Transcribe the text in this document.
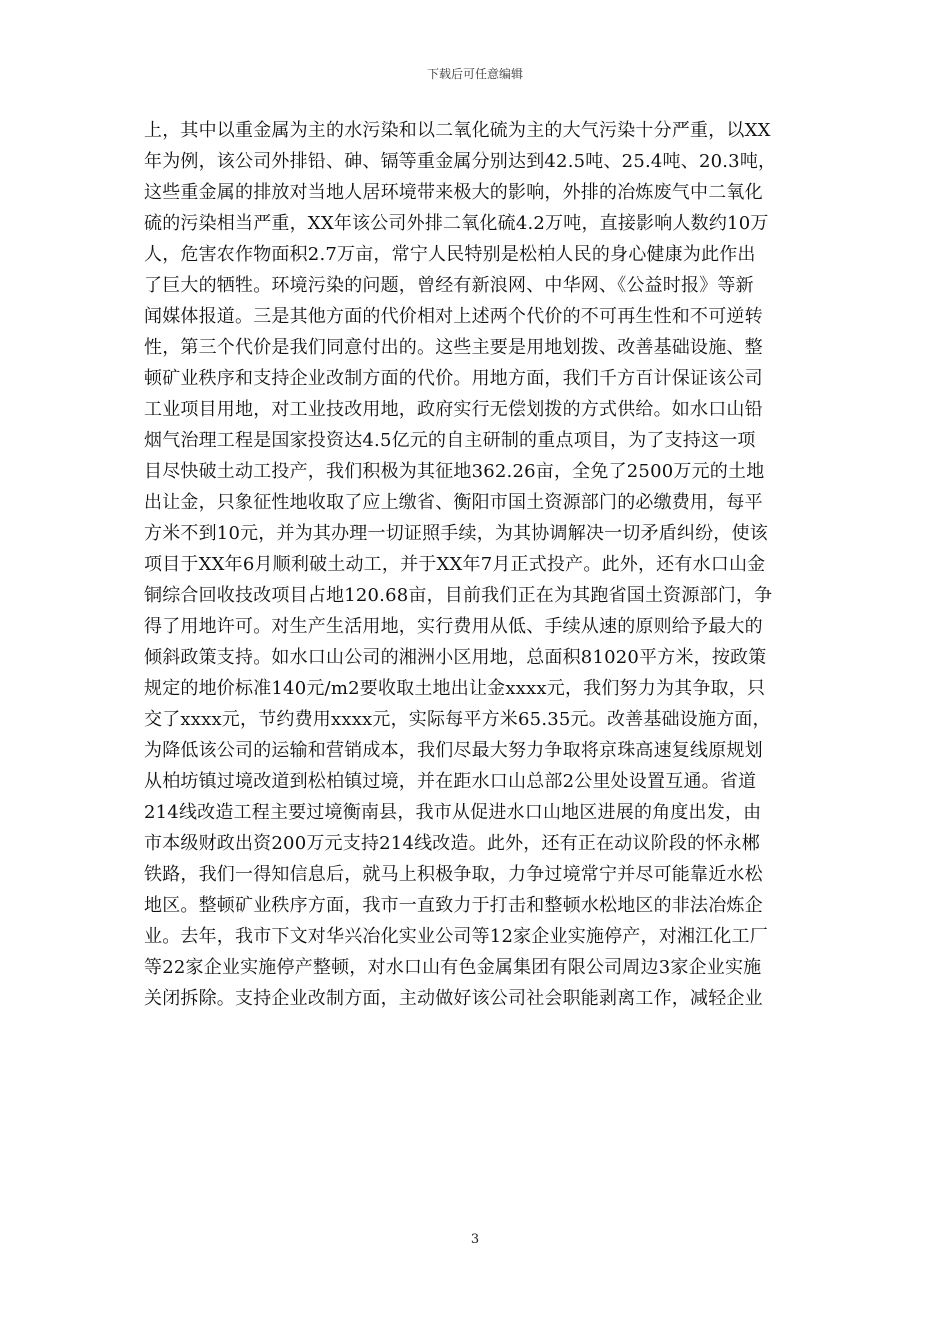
下载后可任意编辑
上，其中以重金属为主的水污染和以二氧化硫为主的大气污染十分严重，以XX
年为例，该公司外排铅、砷、镉等重金属分别达到42.5吨、25.4吨、20.3吨，
这些重金属的排放对当地人居环境带来极大的影响，外排的冶炼废气中二氧化
硫的污染相当严重，XX年该公司外排二氧化硫4.2万吨，直接影响人数约10万
人，危害农作物面积2.7万亩，常宁人民特别是松柏人民的身心健康为此作出
了巨大的牺牲。环境污染的问题，曾经有新浪网、中华网、《公益时报》等新
闻媒体报道。三是其他方面的代价相对上述两个代价的不可再生性和不可逆转
性，第三个代价是我们同意付出的。这些主要是用地划拨、改善基础设施、整
顿矿业秩序和支持企业改制方面的代价。用地方面，我们千方百计保证该公司
工业项目用地，对工业技改用地，政府实行无偿划拨的方式供给。如水口山铅
烟气治理工程是国家投资达4.5亿元的自主研制的重点项目，为了支持这一项
目尽快破土动工投产，我们积极为其征地362.26亩，全免了2500万元的土地
出让金，只象征性地收取了应上缴省、衡阳市国土资源部门的必缴费用，每平
方米不到10元，并为其办理一切证照手续，为其协调解决一切矛盾纠纷，使该
项目于XX年6月顺利破土动工，并于XX年7月正式投产。此外，还有水口山金
铜综合回收技改项目占地120.68亩，目前我们正在为其跑省国土资源部门，争
得了用地许可。对生产生活用地，实行费用从低、手续从速的原则给予最大的
倾斜政策支持。如水口山公司的湘洲小区用地，总面积81020平方米，按政策
规定的地价标准140元/m2要收取土地出让金xxxx元，我们努力为其争取，只
交了xxxx元，节约费用xxxx元，实际每平方米65.35元。改善基础设施方面，
为降低该公司的运输和营销成本，我们尽最大努力争取将京珠高速复线原规划
从柏坊镇过境改道到松柏镇过境，并在距水口山总部2公里处设置互通。省道
214线改造工程主要过境衡南县，我市从促进水口山地区进展的角度出发，由
市本级财政出资200万元支持214线改造。此外，还有正在动议阶段的怀永郴
铁路，我们一得知信息后，就马上积极争取，力争过境常宁并尽可能靠近水松
地区。整顿矿业秩序方面，我市一直致力于打击和整顿水松地区的非法冶炼企
业。去年，我市下文对华兴冶化实业公司等12家企业实施停产，对湘江化工厂
等22家企业实施停产整顿，对水口山有色金属集团有限公司周边3家企业实施
关闭拆除。支持企业改制方面，主动做好该公司社会职能剥离工作，减轻企业
3
